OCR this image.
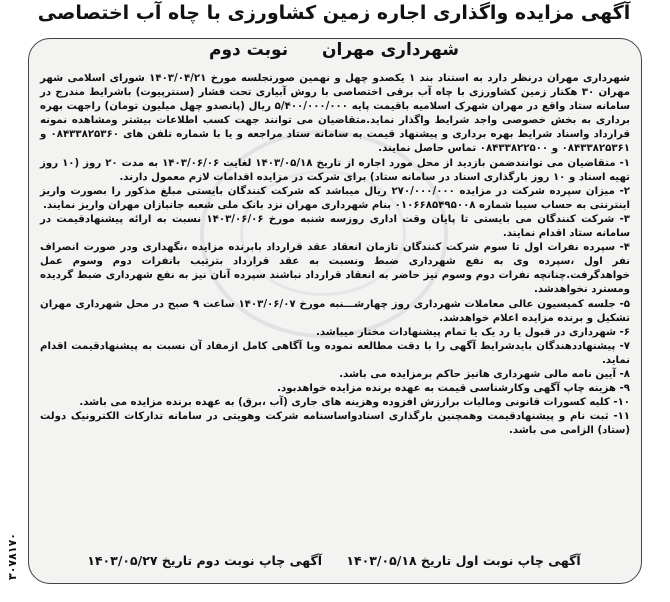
آگهی مزایده واگذاری اجاره زمین کشاورزی با چاه آب اختصاصی
شهرداری مهران نوبت دوم

شهرداری مهران درنظر دارد به استناد بند ۱ یکصدو چهل و نهمین صورتجلسه مورخ ۱۴۰۳/۰۴/۲۱ شورای اسلامی شهر مهران ۳۰ هکتار زمین کشاورزی با چاه آب برقی اختصاصی با روش آبیاری تحت فشار (سنترپیوت) باشرایط مندرج در سامانه ستاد واقع در مهران شهرک اسلامیه باقیمت پایه ۵/۴۰۰/۰۰۰/۰۰۰ ریال (پانصدو چهل میلیون تومان) راجهت بهره برداری به بخش خصوصی واجد شرایط واگذار نماید.متقاضیان می توانند جهت کسب اطلاعات بیشتر ومشاهده نمونه قرارداد واسناد شرایط بهره برداری و پیشنهاد قیمت به سامانه ستاد مراجعه و یا با شماره تلفن های ۰۸۴۳۳۸۲۵۳۶۰ و ۰۸۴۳۳۸۲۵۳۶۱ و ۰۸۴۳۳۸۲۲۵۰۰ تماس حاصل نمایند.

۱- متقاضیان می توانندضمن بازدید از محل مورد اجاره از تاریخ ۱۴۰۳/۰۵/۱۸ لغایت ۱۴۰۳/۰۶/۰۶ به مدت ۲۰ روز (۱۰ روز تهیه اسناد و ۱۰ روز بارگذاری اسناد در سامانه ستاد) برای شرکت در مزایده اقدامات لازم معمول دارند.

۲- میزان سپرده شرکت در مزایده ۲۷۰/۰۰۰/۰۰۰ ریال میباشد که شرکت کنندگان بایستی مبلغ مذکور را بصورت واریز اینترنتی به حساب سیبا شماره ۰۱۰۶۶۸۵۴۹۵۰۰۸ بنام شهرداری مهران نزد بانک ملی شعبه جانبازان مهران واریز نمایند.

۳- شرکت کنندگان می بایستی تا پایان وقت اداری روزسه شنبه مورخ ۱۴۰۳/۰۶/۰۶ نسبت به ارائه پیشنهادقیمت در سامانه ستاد اقدام نمایند.

۴- سپرده نفرات اول تا سوم شرکت کنندگان تازمان انعقاد عقد قرارداد بابرنده مزایده ،نگهداری ودر صورت انصراف نفر اول ،سپرده وی به نفع شهرداری ضبط ونسبت به عقد قرارداد بترتیب بانفرات دوم وسوم عمل خواهدگرفت.چنانچه نفرات دوم وسوم نیز حاضر به انعقاد قرارداد نباشند سپرده آنان نیز به نفع شهرداری ضبط گردیده ومسترد نخواهدشد.

۵- جلسه کمیسیون عالی معاملات شهرداری روز چهارشـــنبه مورخ ۱۴۰۳/۰۶/۰۷ ساعت ۹ صبح در محل شهرداری مهران تشکیل و برنده مزایده اعلام خواهدشد.

۶- شهرداری در قبول یا رد یک یا تمام پیشنهادات مختار میباشد.

۷- پیشنهاددهندگان بایدشرایط آگهی را با دقت مطالعه نموده وبا آگاهی کامل ازمفاد آن نسبت به پیشنهادقیمت اقدام نماید.

۸- آیین نامه مالی شهرداری هانیز حاکم برمزایده می باشد.

۹- هزینه چاپ آگهی وکارشناسی قیمت به عهده برنده مزایده خواهدبود.

۱۰- کلیه کسورات قانونی ومالیات برارزش افزوده وهزینه های جاری (آب ،برق) به عهده برنده مزایده می باشد.

۱۱- ثبت نام و پیشنهادقیمت وهمچنین بارگذاری اسنادواساسنامه شرکت وهویتی در سامانه تدارکات الکترونیک دولت (ستاد) الزامی می باشد.

آگهی چاپ نوبت اول تاریخ ۱۴۰۳/۰۵/۱۸ آگهی چاپ نوبت دوم تاریخ ۱۴۰۳/۰۵/۲۷
۳۰۷۸۱۷۰
